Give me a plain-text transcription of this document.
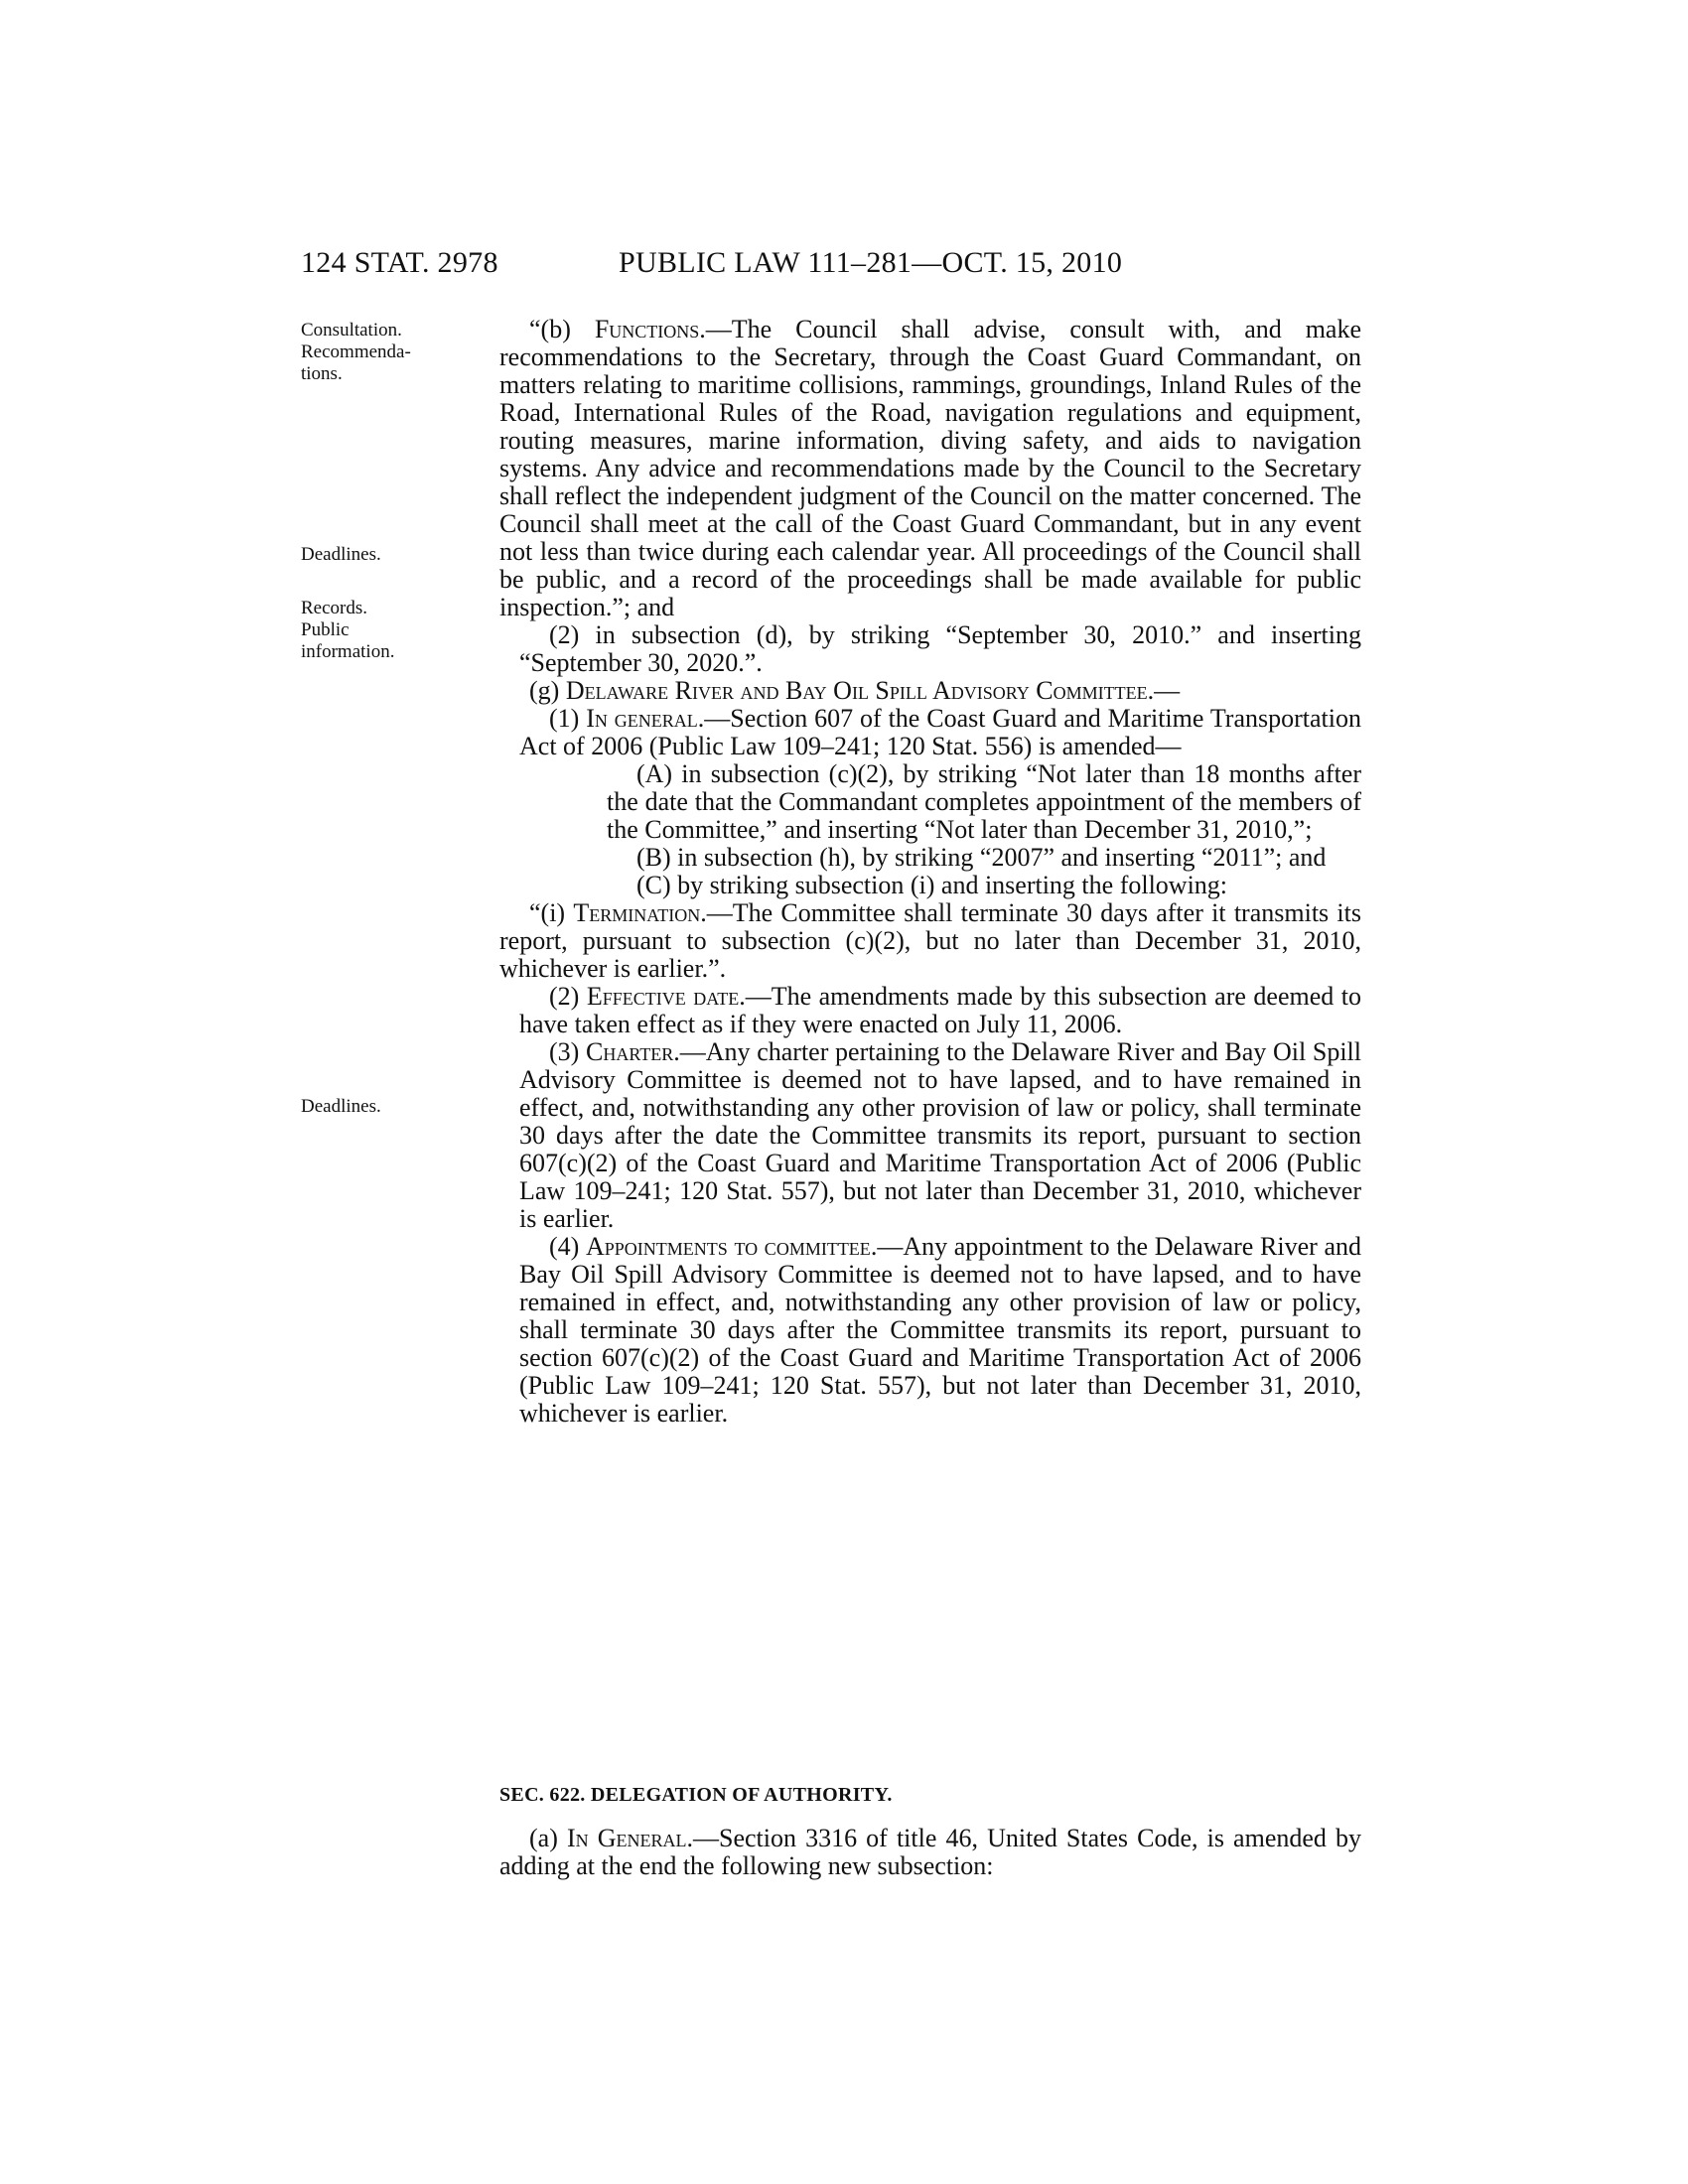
124 STAT. 2978	PUBLIC LAW 111–281—OCT. 15, 2010
Consultation.
Recommenda-
tions.
Deadlines.
Records.
Public
information.
Deadlines.

“(b) Functions.—The Council shall advise, consult with, and make recommendations to the Secretary, through the Coast Guard Commandant, on matters relating to maritime collisions, rammings, groundings, Inland Rules of the Road, International Rules of the Road, navigation regulations and equipment, routing measures, marine information, diving safety, and aids to navigation systems. Any advice and recommendations made by the Council to the Secretary shall reflect the independent judgment of the Council on the matter concerned. The Council shall meet at the call of the Coast Guard Commandant, but in any event not less than twice during each calendar year. All proceedings of the Council shall be public, and a record of the proceedings shall be made available for public inspection.”; and

(2) in subsection (d), by striking “September 30, 2010.” and inserting “September 30, 2020.”.

(g) Delaware River and Bay Oil Spill Advisory Committee.—

(1) In general.—Section 607 of the Coast Guard and Maritime Transportation Act of 2006 (Public Law 109–241; 120 Stat. 556) is amended—

(A) in subsection (c)(2), by striking “Not later than 18 months after the date that the Commandant completes appointment of the members of the Committee,” and inserting “Not later than December 31, 2010,”;

(B) in subsection (h), by striking “2007” and inserting “2011”; and

(C) by striking subsection (i) and inserting the following:

“(i) Termination.—The Committee shall terminate 30 days after it transmits its report, pursuant to subsection (c)(2), but no later than December 31, 2010, whichever is earlier.”.

(2) Effective date.—The amendments made by this subsection are deemed to have taken effect as if they were enacted on July 11, 2006.

(3) Charter.—Any charter pertaining to the Delaware River and Bay Oil Spill Advisory Committee is deemed not to have lapsed, and to have remained in effect, and, notwithstanding any other provision of law or policy, shall terminate 30 days after the date the Committee transmits its report, pursuant to section 607(c)(2) of the Coast Guard and Maritime Transportation Act of 2006 (Public Law 109–241; 120 Stat. 557), but not later than December 31, 2010, whichever is earlier.

(4) Appointments to committee.—Any appointment to the Delaware River and Bay Oil Spill Advisory Committee is deemed not to have lapsed, and to have remained in effect, and, notwithstanding any other provision of law or policy, shall terminate 30 days after the Committee transmits its report, pursuant to section 607(c)(2) of the Coast Guard and Maritime Transportation Act of 2006 (Public Law 109–241; 120 Stat. 557), but not later than December 31, 2010, whichever is earlier.

SEC. 622. DELEGATION OF AUTHORITY.

(a) In General.—Section 3316 of title 46, United States Code, is amended by adding at the end the following new subsection:
